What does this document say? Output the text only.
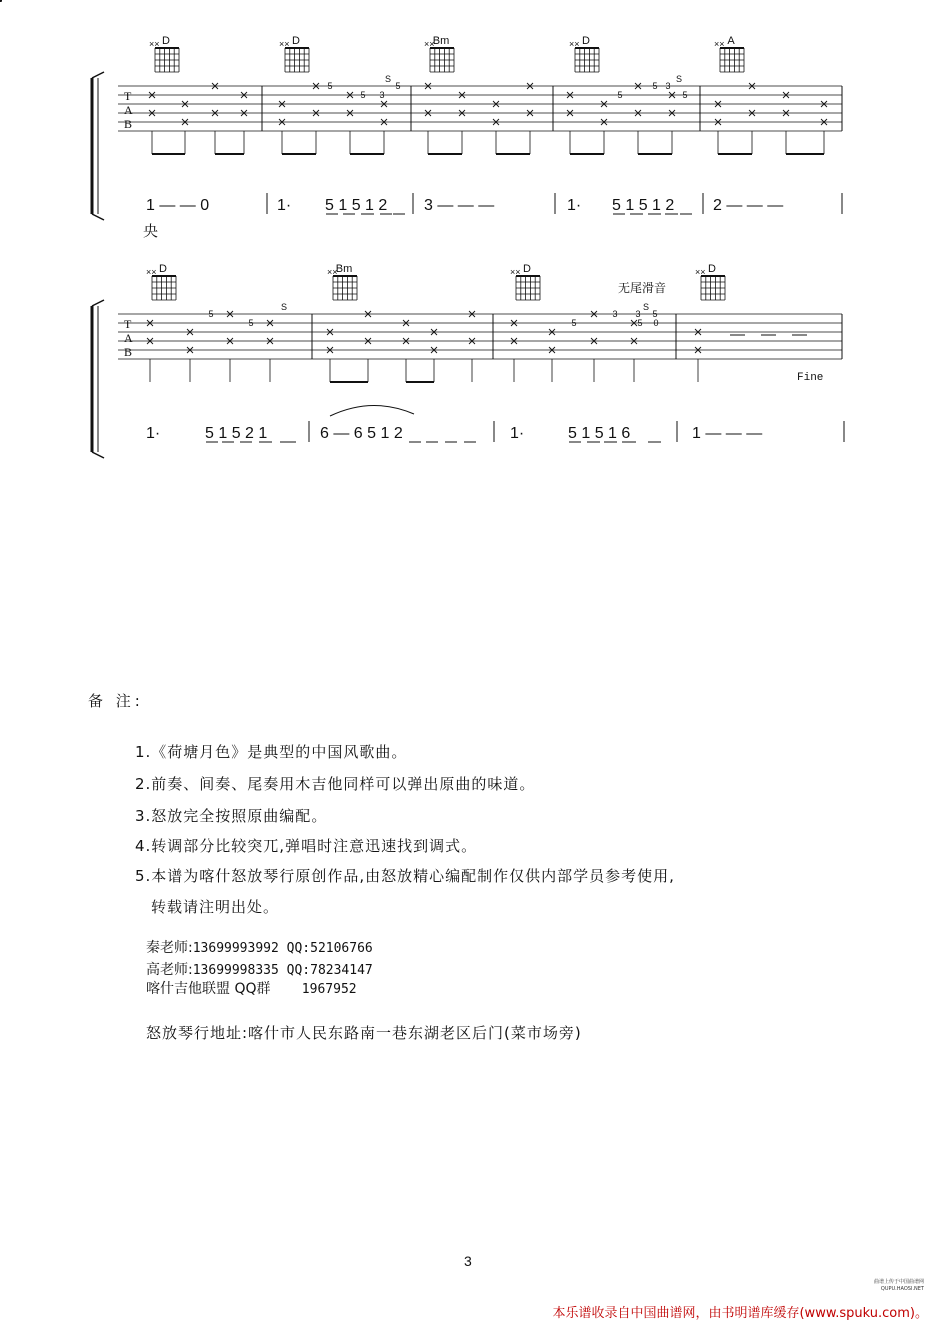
T
A
B
D
××	D
××	Bm
××	D
××	A
××
5
5
S
3
5
5
5
S
3
5
1 — — 0	1· 5 1 5 1 2 3 — — —	1· 5 1 5 1 2 2 — — —
央
T
A
B
D
××	Bm
××	D
××	D
××
5
5
S
5
3
5
5
S
3
0
1·	5 1 5 2 1	6 — 6 5 1 2	1·	5 1 5 1 6	1 — — —
无尾滑音
Fine
备 注:
1.《荷塘月色》是典型的中国风歌曲。
2.前奏、间奏、尾奏用木吉他同样可以弹出原曲的味道。
3.怒放完全按照原曲编配。
4.转调部分比较突兀,弹唱时注意迅速找到调式。
5.本谱为喀什怒放琴行原创作品,由怒放精心编配制作仅供内部学员参考使用,
转载请注明出处。
秦老师:13699993992 QQ:52106766
高老师:13699998335 QQ:78234147
喀什吉他联盟 QQ群    1967952
怒放琴行地址:喀什市人民东路南一巷东湖老区后门(菜市场旁)
3
曲谱上传于中国曲谱网 QUPU.HAOSI.NET
本乐谱收录自中国曲谱网，由书明谱库缓存(www.spuku.com)。
